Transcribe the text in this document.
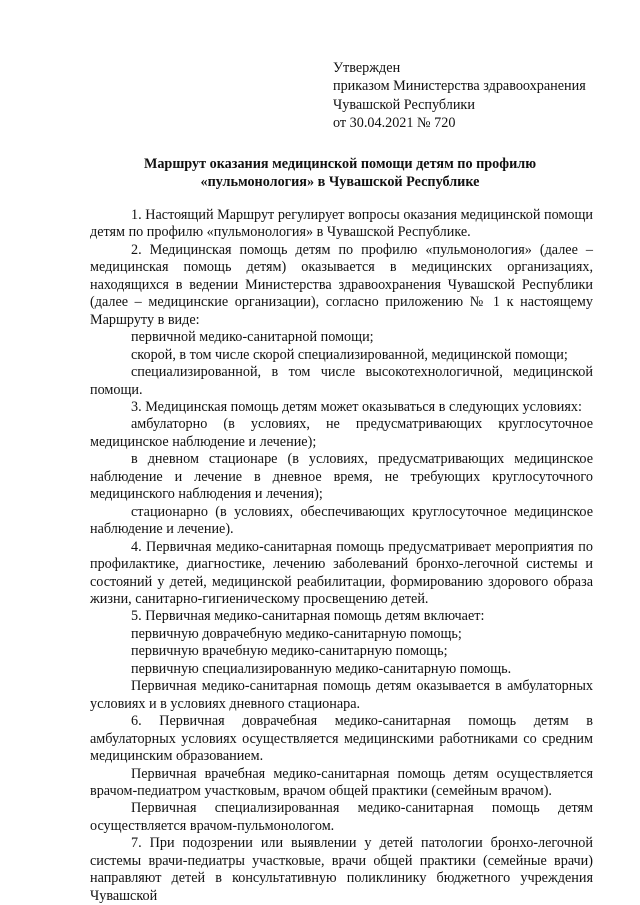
Утвержден
приказом Министерства здравоохранения
Чувашской Республики
от 30.04.2021 № 720
Маршрут оказания медицинской помощи детям по профилю
«пульмонология» в Чувашской Республике

1. Настоящий Маршрут регулирует вопросы оказания медицинской помощи детям по профилю «пульмонология» в Чувашской Республике.

2. Медицинская помощь детям по профилю «пульмонология» (далее – медицинская помощь детям) оказывается в медицинских организациях, находящихся в ведении Министерства здравоохранения Чувашской Республики (далее – медицинские организации), согласно приложению № 1 к настоящему Маршруту в виде:

первичной медико-санитарной помощи;

скорой, в том числе скорой специализированной, медицинской помощи;

специализированной, в том числе высокотехнологичной, медицинской помощи.

3. Медицинская помощь детям может оказываться в следующих условиях:

амбулаторно (в условиях, не предусматривающих круглосуточное медицинское наблюдение и лечение);

в дневном стационаре (в условиях, предусматривающих медицинское наблюдение и лечение в дневное время, не требующих круглосуточного медицинского наблюдения и лечения);

стационарно (в условиях, обеспечивающих круглосуточное медицинское наблюдение и лечение).

4. Первичная медико-санитарная помощь предусматривает мероприятия по профилактике, диагностике, лечению заболеваний бронхо-легочной системы и состояний у детей, медицинской реабилитации, формированию здорового образа жизни, санитарно-гигиеническому просвещению детей.

5. Первичная медико-санитарная помощь детям включает:

первичную доврачебную медико-санитарную помощь;

первичную врачебную медико-санитарную помощь;

первичную специализированную медико-санитарную помощь.

Первичная медико-санитарная помощь детям оказывается в амбулаторных условиях и в условиях дневного стационара.

6. Первичная доврачебная медико-санитарная помощь детям в амбулаторных условиях осуществляется медицинскими работниками со средним медицинским образованием.

Первичная врачебная медико-санитарная помощь детям осуществляется врачом-педиатром участковым, врачом общей практики (семейным врачом).

Первичная специализированная медико-санитарная помощь детям осуществляется врачом-пульмонологом.

7. При подозрении или выявлении у детей патологии бронхо-легочной системы врачи-педиатры участковые, врачи общей практики (семейные врачи) направляют детей в консультативную поликлинику бюджетного учреждения Чувашской
